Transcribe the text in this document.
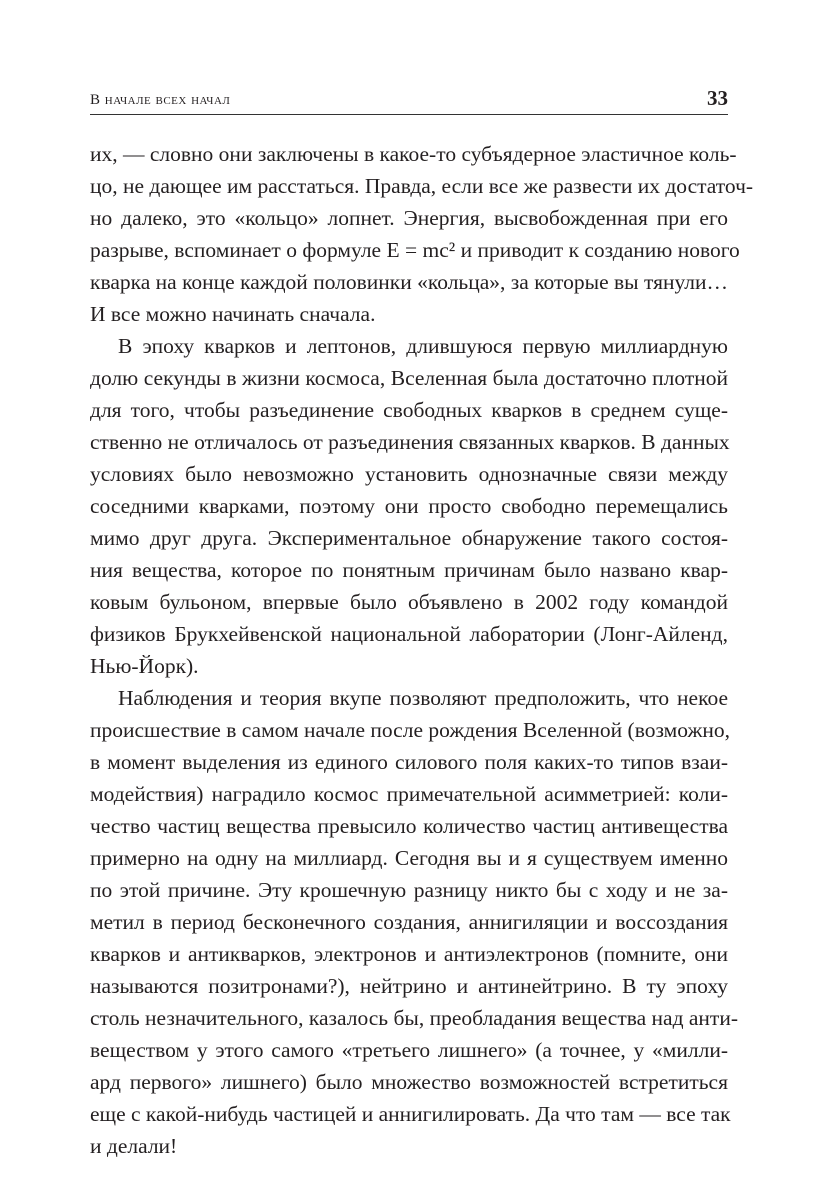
В начале всех начал	33
их, — словно они заключены в какое-то субъядерное эластичное коль-
цо, не дающее им расстаться. Правда, если все же развести их достаточ-
но далеко, это «кольцо» лопнет. Энергия, высвобожденная при его
разрыве, вспоминает о формуле E = mc² и приводит к созданию нового
кварка на конце каждой половинки «кольца», за которые вы тянули…
И все можно начинать сначала.
В эпоху кварков и лептонов, длившуюся первую миллиардную
долю секунды в жизни космоса, Вселенная была достаточно плотной
для того, чтобы разъединение свободных кварков в среднем суще-
ственно не отличалось от разъединения связанных кварков. В данных
условиях было невозможно установить однозначные связи между
соседними кварками, поэтому они просто свободно перемещались
мимо друг друга. Экспериментальное обнаружение такого состоя-
ния вещества, которое по понятным причинам было названо квар-
ковым бульоном, впервые было объявлено в 2002 году командой
физиков Брукхейвенской национальной лаборатории (Лонг-Айленд,
Нью-Йорк).
Наблюдения и теория вкупе позволяют предположить, что некое
происшествие в самом начале после рождения Вселенной (возможно,
в момент выделения из единого силового поля каких-то типов взаи-
модействия) наградило космос примечательной асимметрией: коли-
чество частиц вещества превысило количество частиц антивещества
примерно на одну на миллиард. Сегодня вы и я существуем именно
по этой причине. Эту крошечную разницу никто бы с ходу и не за-
метил в период бесконечного создания, аннигиляции и воссоздания
кварков и антикварков, электронов и антиэлектронов (помните, они
называются позитронами?), нейтрино и антинейтрино. В ту эпоху
столь незначительного, казалось бы, преобладания вещества над анти-
веществом у этого самого «третьего лишнего» (а точнее, у «милли-
ард первого» лишнего) было множество возможностей встретиться
еще с какой-нибудь частицей и аннигилировать. Да что там — все так
и делали!
